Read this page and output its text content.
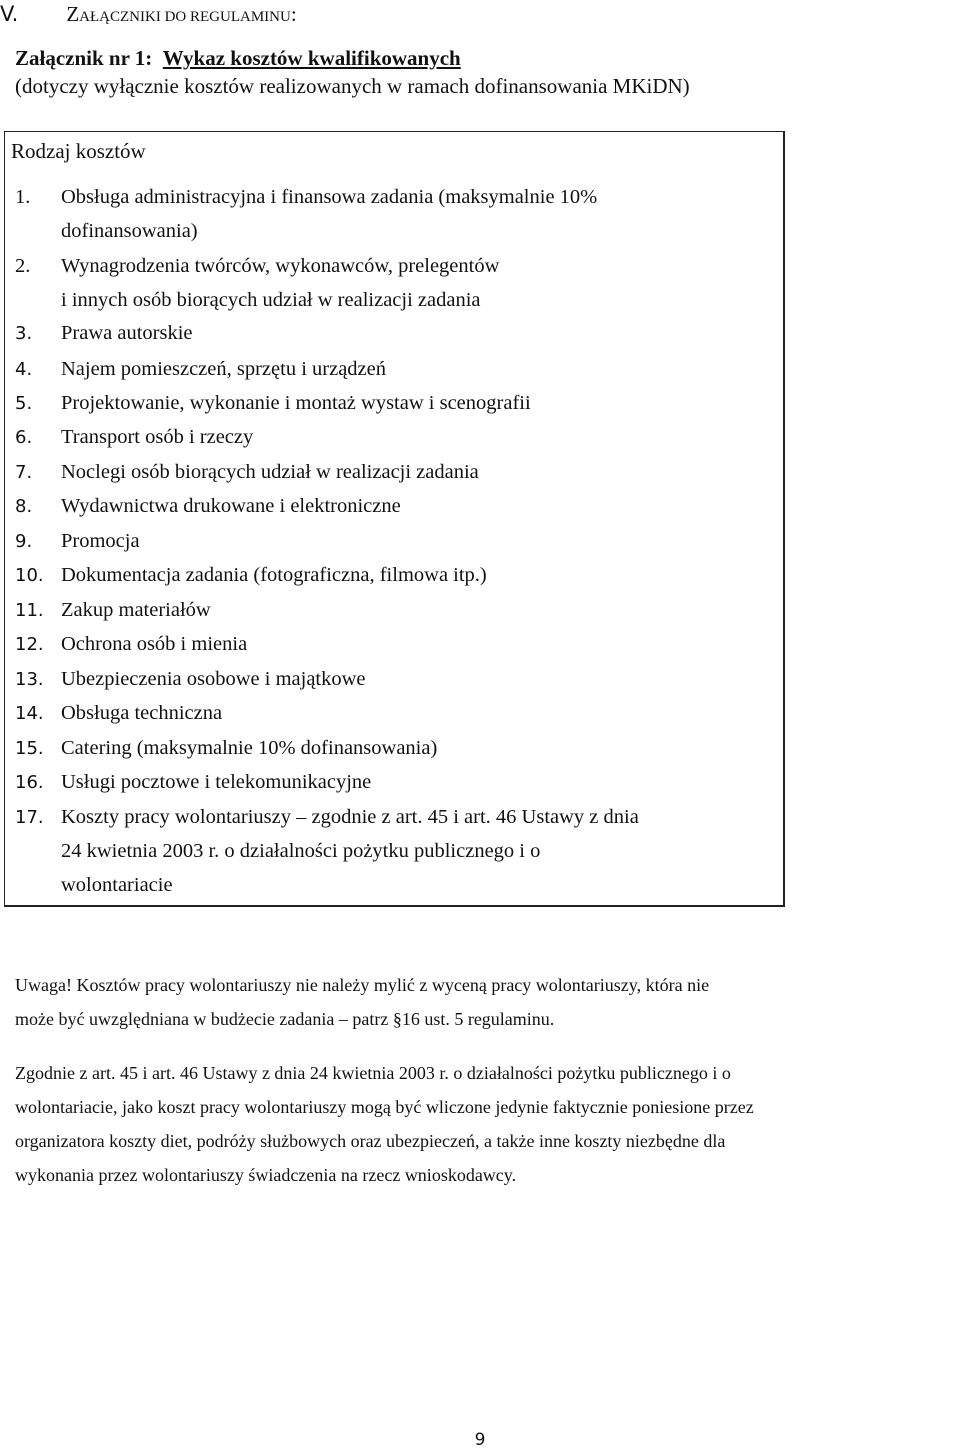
V. ZAŁĄCZNIKI DO REGULAMINU:
Załącznik nr 1: Wykaz kosztów kwalifikowanych
(dotyczy wyłącznie kosztów realizowanych w ramach dofinansowania MKiDN)
Rodzaj kosztów
1. Obsługa administracyjna i finansowa zadania (maksymalnie 10%
dofinansowania)
2. Wynagrodzenia twórców, wykonawców, prelegentów
i innych osób biorących udział w realizacji zadania
3. Prawa autorskie
4. Najem pomieszczeń, sprzętu i urządzeń
5. Projektowanie, wykonanie i montaż wystaw i scenografii
6. Transport osób i rzeczy
7. Noclegi osób biorących udział w realizacji zadania
8. Wydawnictwa drukowane i elektroniczne
9. Promocja
10. Dokumentacja zadania (fotograficzna, filmowa itp.)
11. Zakup materiałów
12. Ochrona osób i mienia
13. Ubezpieczenia osobowe i majątkowe
14. Obsługa techniczna
15. Catering (maksymalnie 10% dofinansowania)
16. Usługi pocztowe i telekomunikacyjne
17. Koszty pracy wolontariuszy – zgodnie z art. 45 i art. 46 Ustawy z dnia
24 kwietnia 2003 r. o działalności pożytku publicznego i o
wolontariacie
Uwaga! Kosztów pracy wolontariuszy nie należy mylić z wyceną pracy wolontariuszy, która nie
może być uwzględniana w budżecie zadania – patrz §16 ust. 5 regulaminu.
Zgodnie z art. 45 i art. 46 Ustawy z dnia 24 kwietnia 2003 r. o działalności pożytku publicznego i o
wolontariacie, jako koszt pracy wolontariuszy mogą być wliczone jedynie faktycznie poniesione przez
organizatora koszty diet, podróży służbowych oraz ubezpieczeń, a także inne koszty niezbędne dla
wykonania przez wolontariuszy świadczenia na rzecz wnioskodawcy.
9
